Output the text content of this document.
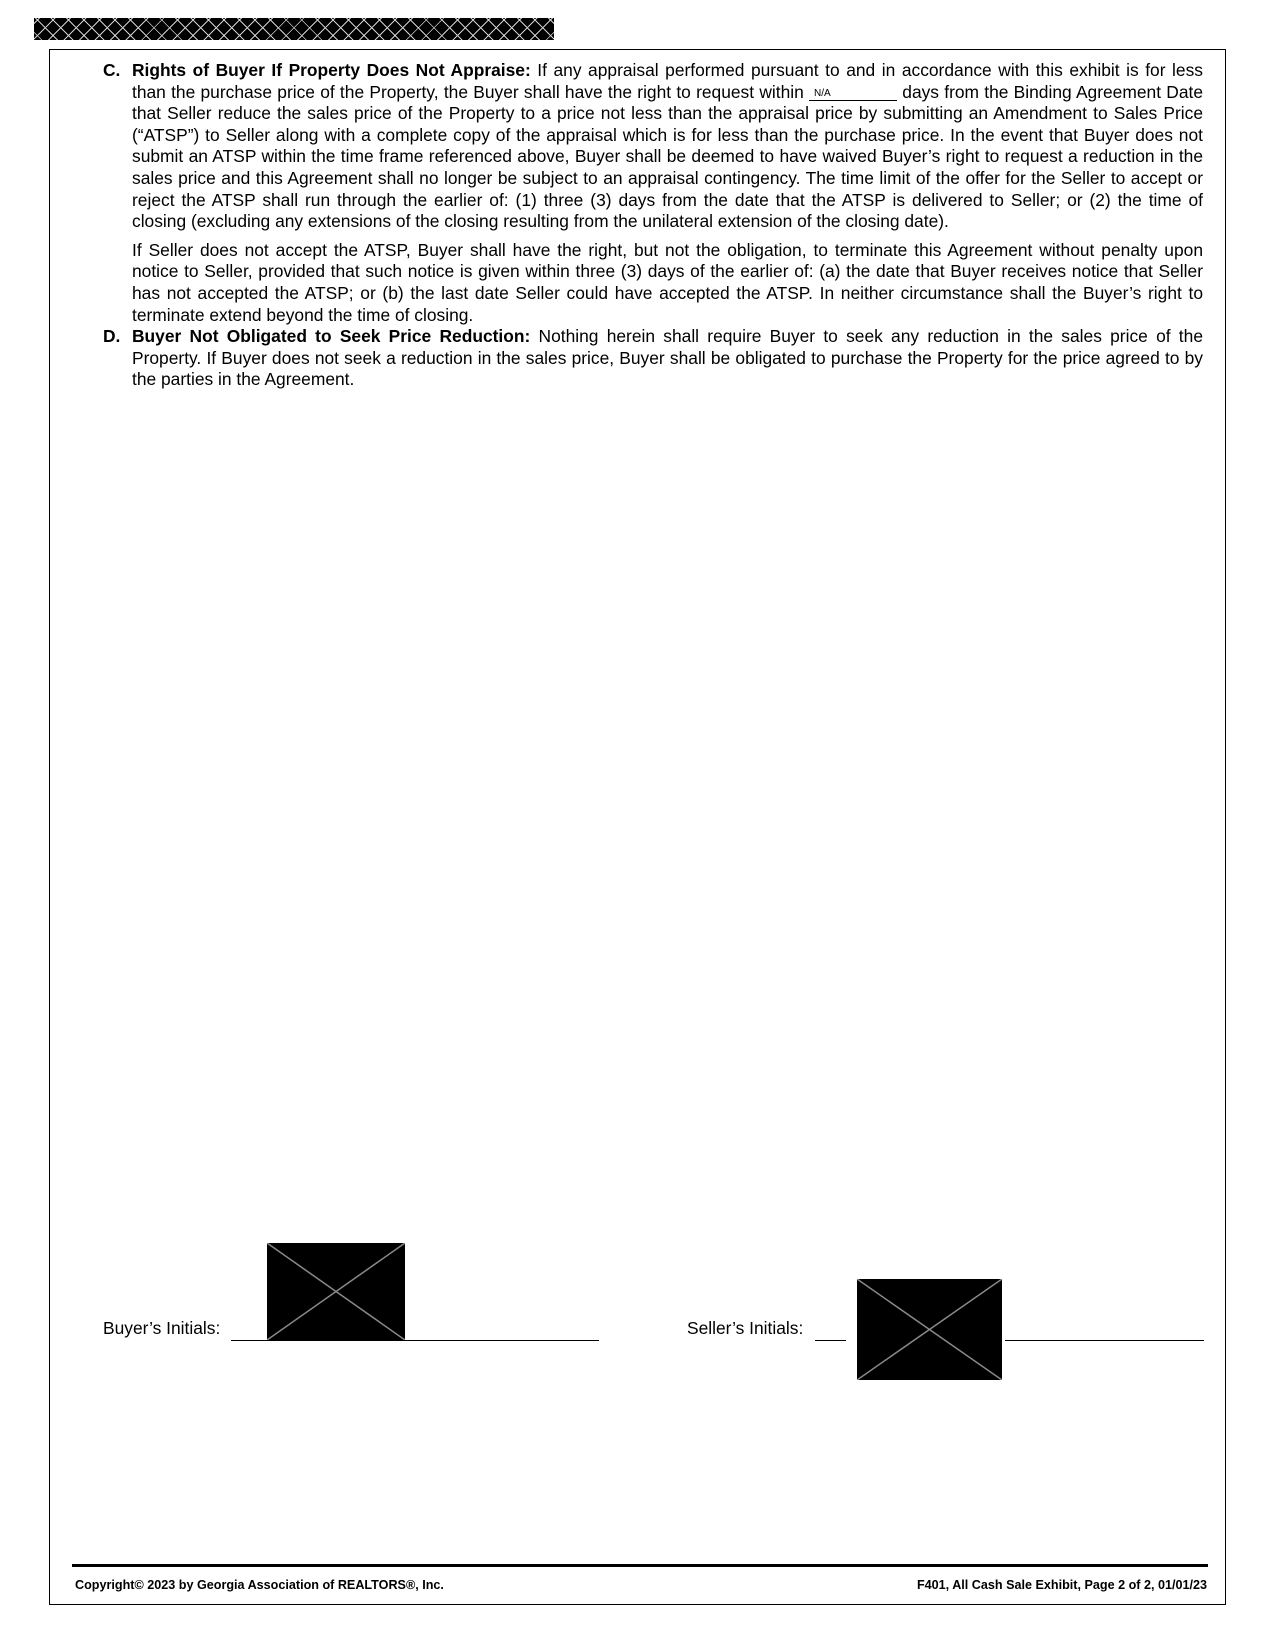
C. Rights of Buyer If Property Does Not Appraise: If any appraisal performed pursuant to and in accordance with this exhibit is for less than the purchase price of the Property, the Buyer shall have the right to request within N/A	days from the Binding Agreement Date that Seller reduce the sales price of the Property to a price not less than the appraisal price by submitting an Amendment to Sales Price (“ATSP”) to Seller along with a complete copy of the appraisal which is for less than the purchase price. In the event that Buyer does not submit an ATSP within the time frame referenced above, Buyer shall be deemed to have waived Buyer’s right to request a reduction in the sales price and this Agreement shall no longer be subject to an appraisal contingency. The time limit of the offer for the Seller to accept or reject the ATSP shall run through the earlier of: (1) three (3) days from the date that the ATSP is delivered to Seller; or (2) the time of closing (excluding any extensions of the closing resulting from the unilateral extension of the closing date).

If Seller does not accept the ATSP, Buyer shall have the right, but not the obligation, to terminate this Agreement without penalty upon notice to Seller, provided that such notice is given within three (3) days of the earlier of: (a) the date that Buyer receives notice that Seller has not accepted the ATSP; or (b) the last date Seller could have accepted the ATSP. In neither circumstance shall the Buyer’s right to terminate extend beyond the time of closing.

D. Buyer Not Obligated to Seek Price Reduction: Nothing herein shall require Buyer to seek any reduction in the sales price of the Property. If Buyer does not seek a reduction in the sales price, Buyer shall be obligated to purchase the Property for the price agreed to by the parties in the Agreement.

Buyer’s Initials:	Seller’s Initials:
Copyright© 2023 by Georgia Association of REALTORS®, Inc.	F401, All Cash Sale Exhibit, Page 2 of 2, 01/01/23
